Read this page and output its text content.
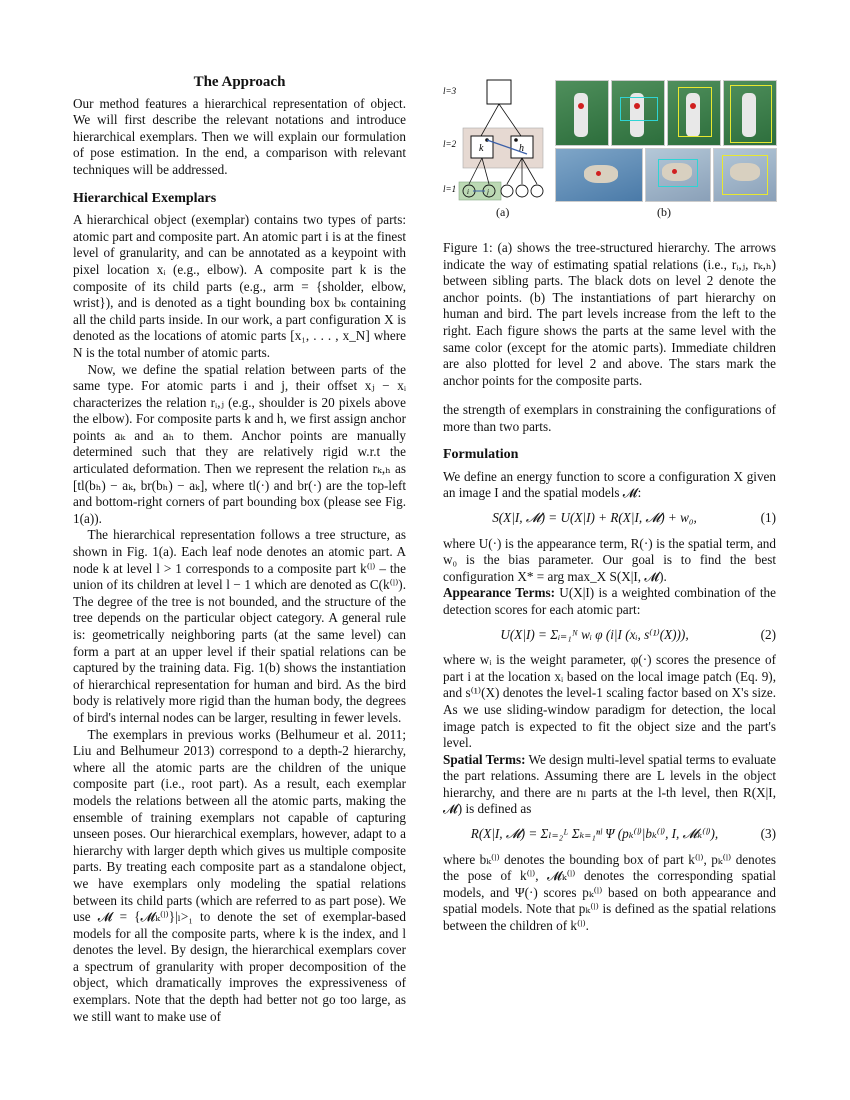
The Approach

Our method features a hierarchical representation of object. We will first describe the relevant notations and introduce hierarchical exemplars. Then we will explain our formulation of pose estimation. In the end, a comparison with relevant techniques will be addressed.

Hierarchical Exemplars

A hierarchical object (exemplar) contains two types of parts: atomic part and composite part. An atomic part i is at the finest level of granularity, and can be annotated as a keypoint with pixel location xᵢ (e.g., elbow). A composite part k is the composite of its child parts (e.g., arm = {sholder, elbow, wrist}), and is denoted as a tight bounding box bₖ containing all the child parts inside. In our work, a part configuration X is denoted as the locations of atomic parts [x₁, . . . , x_N] where N is the total number of atomic parts.

Now, we define the spatial relation between parts of the same type. For atomic parts i and j, their offset xⱼ − xᵢ characterizes the relation rᵢ,ⱼ (e.g., shoulder is 20 pixels above the elbow). For composite parts k and h, we first assign anchor points aₖ and aₕ to them. Anchor points are manually determined such that they are relatively rigid w.r.t the articulated deformation. Then we represent the relation rₖ,ₕ as [tl(bₕ) − aₖ, br(bₕ) − aₖ], where tl(·) and br(·) are the top-left and bottom-right corners of part bounding box (please see Fig. 1(a)).

The hierarchical representation follows a tree structure, as shown in Fig. 1(a). Each leaf node denotes an atomic part. A node k at level l > 1 corresponds to a composite part k⁽ˡ⁾ – the union of its children at level l − 1 which are denoted as C(k⁽ˡ⁾). The degree of the tree is not bounded, and the structure of the tree depends on the particular object category. A general rule is: geometrically neighboring parts (at the same level) can form a part at an upper level if their spatial relations can be captured by the training data. Fig. 1(b) shows the instantiation of hierarchical representation for human and bird. As the bird body is relatively more rigid than the human body, the degrees of bird's internal nodes can be larger, resulting in fewer levels.

The exemplars in previous works (Belhumeur et al. 2011; Liu and Belhumeur 2013) correspond to a depth-2 hierarchy, where all the atomic parts are the children of the unique composite part (i.e., root part). As a result, each exemplar models the relations between all the atomic parts, making the ensemble of training exemplars not capable of capturing unseen poses. Our hierarchical exemplars, however, adapt to a hierarchy with larger depth which gives us multiple composite parts. By treating each composite part as a standalone object, we have exemplars only modeling the spatial relations between its child parts (which are referred to as part pose). We use 𝓜 = {𝓜ₖ⁽ˡ⁾}|ₗ>₁ to denote the set of exemplar-based models for all the composite parts, where k is the index, and l denotes the level. By design, the hierarchical exemplars cover a spectrum of granularity with proper decomposition of the object, which dramatically improves the expressiveness of exemplars. Note that the depth had better not go too large, as we still want to make use of

l=3
l=2
l=1
k	h
i	j
(a)	(b)
Figure 1: (a) shows the tree-structured hierarchy. The arrows indicate the way of estimating spatial relations (i.e., rᵢ,ⱼ, rₖ,ₕ) between sibling parts. The black dots on level 2 denote the anchor points. (b) The instantiations of part hierarchy on human and bird. The part levels increase from the left to the right. Each figure shows the parts at the same level with the same color (except for the atomic parts). Immediate children are also plotted for level 2 and above. The stars mark the anchor points for the composite parts.

the strength of exemplars in constraining the configurations of more than two parts.

Formulation

We define an energy function to score a configuration X given an image I and the spatial models 𝓜:

S(X|I, 𝓜) = U(X|I) + R(X|I, 𝓜) + w₀,	(1)

where U(·) is the appearance term, R(·) is the spatial term, and w₀ is the bias parameter. Our goal is to find the best configuration X* = arg max_X S(X|I, 𝓜).

Appearance Terms: U(X|I) is a weighted combination of the detection scores for each atomic part:

U(X|I) = Σᵢ₌₁ᴺ wᵢ φ (i|I (xᵢ, s⁽¹⁾(X))),	(2)

where wᵢ is the weight parameter, φ(·) scores the presence of part i at the location xᵢ based on the local image patch (Eq. 9), and s⁽¹⁾(X) denotes the level-1 scaling factor based on X's size. As we use sliding-window paradigm for detection, the local image patch is expected to fit the object size and the part's level.

Spatial Terms: We design multi-level spatial terms to evaluate the part relations. Assuming there are L levels in the object hierarchy, and there are nₗ parts at the l-th level, then R(X|I, 𝓜) is defined as

R(X|I, 𝓜) = Σₗ₌₂ᴸ Σₖ₌₁ⁿˡ Ψ (pₖ⁽ˡ⁾|bₖ⁽ˡ⁾, I, 𝓜ₖ⁽ˡ⁾),	(3)

where bₖ⁽ˡ⁾ denotes the bounding box of part k⁽ˡ⁾, pₖ⁽ˡ⁾ denotes the pose of k⁽ˡ⁾, 𝓜ₖ⁽ˡ⁾ denotes the corresponding spatial models, and Ψ(·) scores pₖ⁽ˡ⁾ based on both appearance and spatial models. Note that pₖ⁽ˡ⁾ is defined as the spatial relations between the children of k⁽ˡ⁾.
